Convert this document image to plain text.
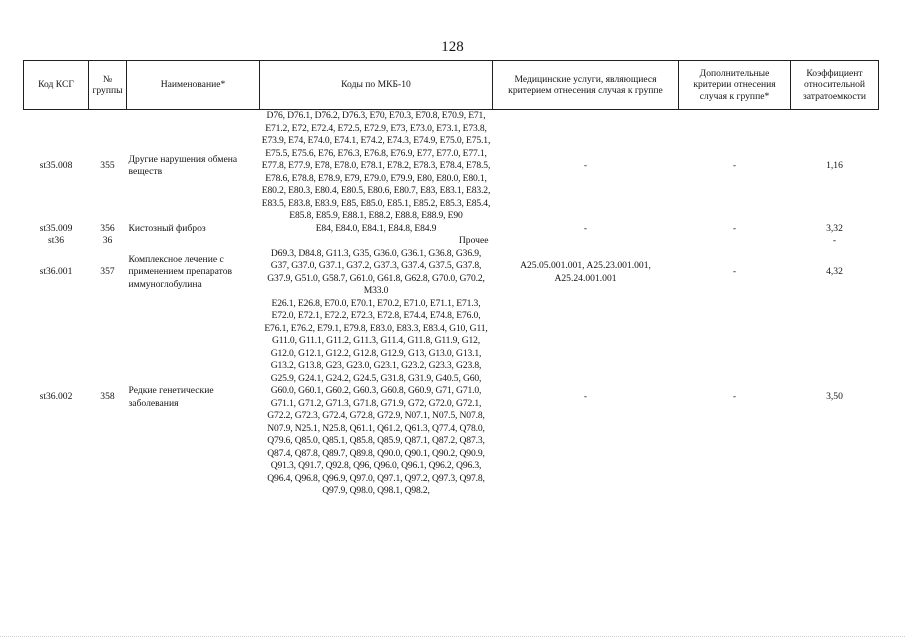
128
Код КСГ	№ группы	Наименование*	Коды по МКБ-10	Медицинские услуги, являющиеся критерием отнесения случая к группе	Дополнительные критерии отнесения случая к группе*	Коэффициент относительной затратоемкости
st35.008	355	Другие нарушения обмена веществ	D76, D76.1, D76.2, D76.3, E70, E70.3, E70.8, E70.9, E71, E71.2, E72, E72.4, E72.5, E72.9, E73, E73.0, E73.1, E73.8, E73.9, E74, E74.0, E74.1, E74.2, E74.3, E74.9, E75.0, E75.1, E75.5, E75.6, E76, E76.3, E76.8, E76.9, E77, E77.0, E77.1, E77.8, E77.9, E78, E78.0, E78.1, E78.2, E78.3, E78.4, E78.5, E78.6, E78.8, E78.9, E79, E79.0, E79.9, E80, E80.0, E80.1, E80.2, E80.3, E80.4, E80.5, E80.6, E80.7, E83, E83.1, E83.2, E83.5, E83.8, E83.9, E85, E85.0, E85.1, E85.2, E85.3, E85.4, E85.8, E85.9, E88.1, E88.2, E88.8, E88.9, E90	-	-	1,16
st35.009	356	Кистозный фиброз	E84, E84.0, E84.1, E84.8, E84.9	-	-	3,32
st36	36		Прочее			-
st36.001	357	Комплексное лечение с применением препаратов иммуноглобулина	D69.3, D84.8, G11.3, G35, G36.0, G36.1, G36.8, G36.9, G37, G37.0, G37.1, G37.2, G37.3, G37.4, G37.5, G37.8, G37.9, G51.0, G58.7, G61.0, G61.8, G62.8, G70.0, G70.2, M33.0	A25.05.001.001, A25.23.001.001, A25.24.001.001	-	4,32
st36.002	358	Редкие генетические заболевания	E26.1, E26.8, E70.0, E70.1, E70.2, E71.0, E71.1, E71.3, E72.0, E72.1, E72.2, E72.3, E72.8, E74.4, E74.8, E76.0, E76.1, E76.2, E79.1, E79.8, E83.0, E83.3, E83.4, G10, G11, G11.0, G11.1, G11.2, G11.3, G11.4, G11.8, G11.9, G12, G12.0, G12.1, G12.2, G12.8, G12.9, G13, G13.0, G13.1, G13.2, G13.8, G23, G23.0, G23.1, G23.2, G23.3, G23.8, G25.9, G24.1, G24.2, G24.5, G31.8, G31.9, G40.5, G60, G60.0, G60.1, G60.2, G60.3, G60.8, G60.9, G71, G71.0, G71.1, G71.2, G71.3, G71.8, G71.9, G72, G72.0, G72.1, G72.2, G72.3, G72.4, G72.8, G72.9, N07.1, N07.5, N07.8, N07.9, N25.1, N25.8, Q61.1, Q61.2, Q61.3, Q77.4, Q78.0, Q79.6, Q85.0, Q85.1, Q85.8, Q85.9, Q87.1, Q87.2, Q87.3, Q87.4, Q87.8, Q89.7, Q89.8, Q90.0, Q90.1, Q90.2, Q90.9, Q91.3, Q91.7, Q92.8, Q96, Q96.0, Q96.1, Q96.2, Q96.3, Q96.4, Q96.8, Q96.9, Q97.0, Q97.1, Q97.2, Q97.3, Q97.8, Q97.9, Q98.0, Q98.1, Q98.2,	-	-	3,50
